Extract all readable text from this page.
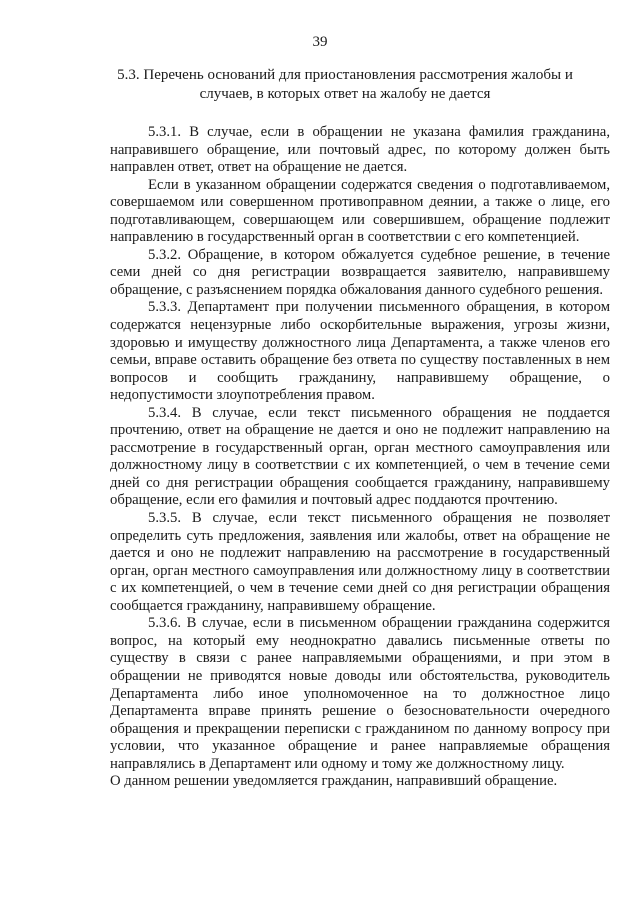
39
5.3. Перечень оснований для приостановления рассмотрения жалобы и случаев, в которых ответ на жалобу не дается

5.3.1. В случае, если в обращении не указана фамилия гражданина, направившего обращение, или почтовый адрес, по которому должен быть направлен ответ, ответ на обращение не дается.

Если в указанном обращении содержатся сведения о подготавливаемом, совершаемом или совершенном противоправном деянии, а также о лице, его подготавливающем, совершающем или совершившем, обращение подлежит направлению в государственный орган в соответствии с его компетенцией.

5.3.2. Обращение, в котором обжалуется судебное решение, в течение семи дней со дня регистрации возвращается заявителю, направившему обращение, с разъяснением порядка обжалования данного судебного решения.

5.3.3. Департамент при получении письменного обращения, в котором содержатся нецензурные либо оскорбительные выражения, угрозы жизни, здоровью и имуществу должностного лица Департамента, а также членов его семьи, вправе оставить обращение без ответа по существу поставленных в нем вопросов и сообщить гражданину, направившему обращение, о недопустимости злоупотребления правом.

5.3.4. В случае, если текст письменного обращения не поддается прочтению, ответ на обращение не дается и оно не подлежит направлению на рассмотрение в государственный орган, орган местного самоуправления или должностному лицу в соответствии с их компетенцией, о чем в течение семи дней со дня регистрации обращения сообщается гражданину, направившему обращение, если его фамилия и почтовый адрес поддаются прочтению.

5.3.5. В случае, если текст письменного обращения не позволяет определить суть предложения, заявления или жалобы, ответ на обращение не дается и оно не подлежит направлению на рассмотрение в государственный орган, орган местного самоуправления или должностному лицу в соответствии с их компетенцией, о чем в течение семи дней со дня регистрации обращения сообщается гражданину, направившему обращение.

5.3.6. В случае, если в письменном обращении гражданина содержится вопрос, на который ему неоднократно давались письменные ответы по существу в связи с ранее направляемыми обращениями, и при этом в обращении не приводятся новые доводы или обстоятельства, руководитель Департамента либо иное уполномоченное на то должностное лицо Департамента вправе принять решение о безосновательности очередного обращения и прекращении переписки с гражданином по данному вопросу при условии, что указанное обращение и ранее направляемые обращения направлялись в Департамент или одному и тому же должностному лицу.

О данном решении уведомляется гражданин, направивший обращение.
